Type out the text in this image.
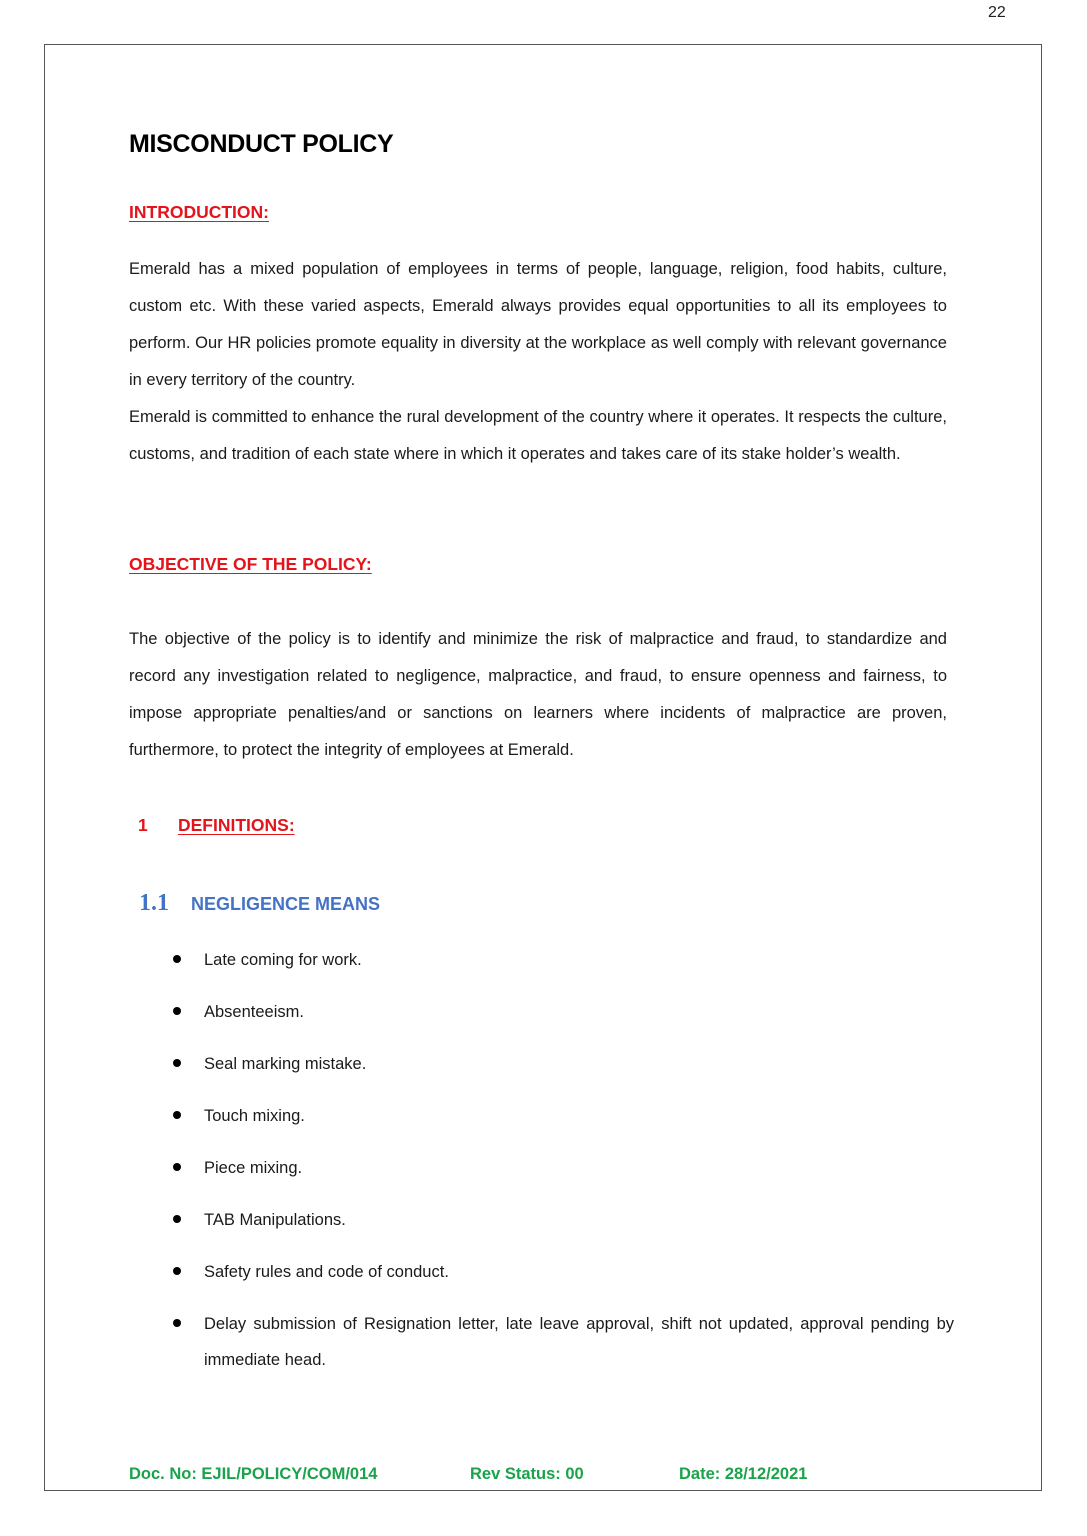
22
MISCONDUCT POLICY
INTRODUCTION:

Emerald has a mixed population of employees in terms of people, language, religion, food habits, culture, custom etc. With these varied aspects, Emerald always provides equal opportunities to all its employees to perform. Our HR policies promote equality in diversity at the workplace as well comply with relevant governance in every territory of the country.

Emerald is committed to enhance the rural development of the country where it operates. It respects the culture, customs, and tradition of each state where in which it operates and takes care of its stake holder’s wealth.

OBJECTIVE OF THE POLICY:

The objective of the policy is to identify and minimize the risk of malpractice and fraud, to standardize and record any investigation related to negligence, malpractice, and fraud, to ensure openness and fairness, to impose appropriate penalties/and or sanctions on learners where incidents of malpractice are proven, furthermore, to protect the integrity of employees at Emerald.

1 DEFINITIONS:
1.1 NEGLIGENCE MEANS
Late coming for work.
Absenteeism.
Seal marking mistake.
Touch mixing.
Piece mixing.
TAB Manipulations.
Safety rules and code of conduct.
Delay submission of Resignation letter, late leave approval, shift not updated, approval pending by immediate head.
Doc. No: EJIL/POLICY/COM/014	Rev Status: 00	Date: 28/12/2021
